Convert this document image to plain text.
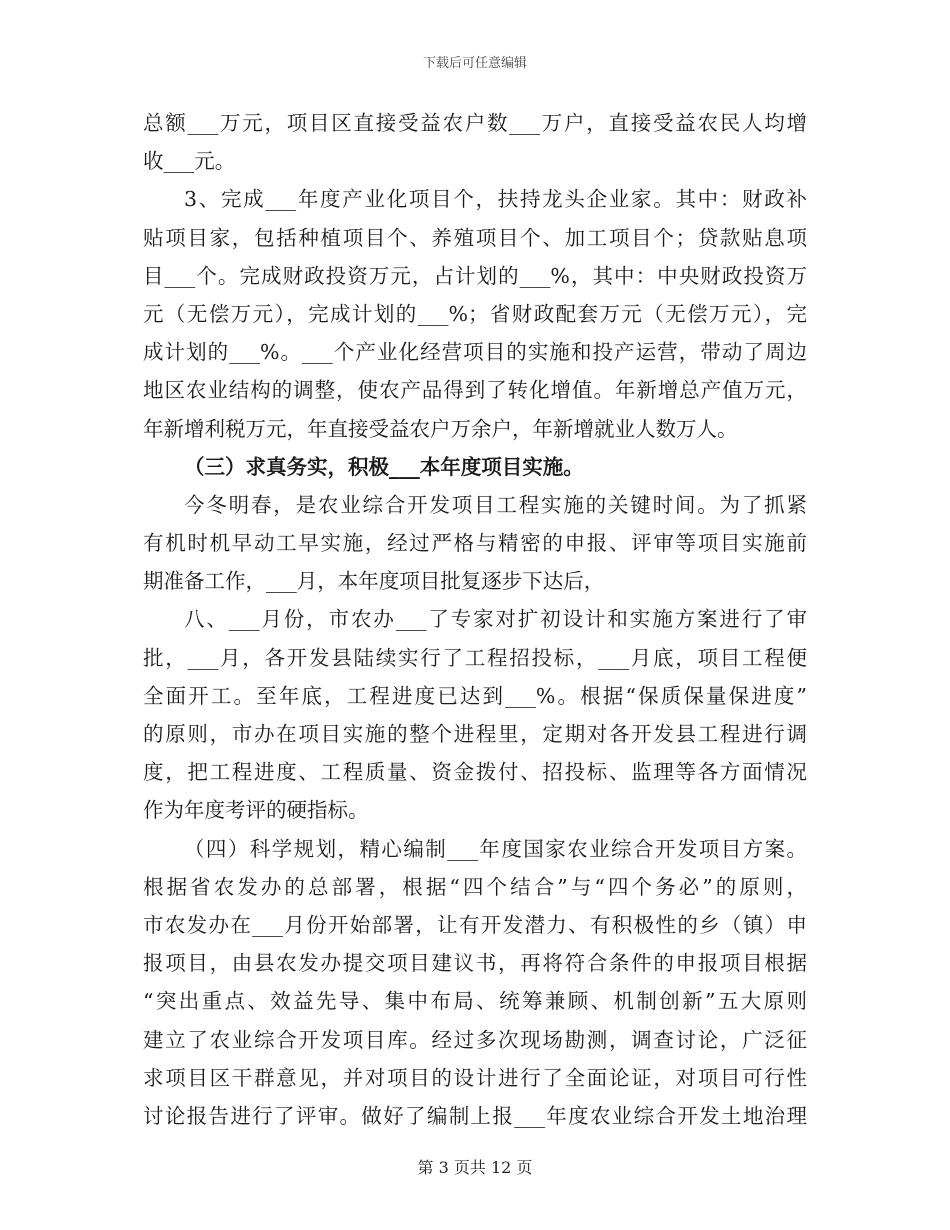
下载后可任意编辑
总额___万元，项目区直接受益农户数___万户，直接受益农民人均增
收___元。
3、完成___年度产业化项目个，扶持龙头企业家。其中：财政补
贴项目家，包括种植项目个、养殖项目个、加工项目个；贷款贴息项
目___个。完成财政投资万元，占计划的___%，其中：中央财政投资万
元（无偿万元），完成计划的___%；省财政配套万元（无偿万元），完
成计划的___%。___个产业化经营项目的实施和投产运营，带动了周边
地区农业结构的调整，使农产品得到了转化增值。年新增总产值万元，
年新增利税万元，年直接受益农户万余户，年新增就业人数万人。
（三）求真务实，积极___本年度项目实施。
今冬明春，是农业综合开发项目工程实施的关键时间。为了抓紧
有机时机早动工早实施，经过严格与精密的申报、评审等项目实施前
期准备工作，___月，本年度项目批复逐步下达后，
八、___月份，市农办___了专家对扩初设计和实施方案进行了审
批，___月，各开发县陆续实行了工程招投标，___月底，项目工程便
全面开工。至年底，工程进度已达到___%。根据“保质保量保进度”
的原则，市办在项目实施的整个进程里，定期对各开发县工程进行调
度，把工程进度、工程质量、资金拨付、招投标、监理等各方面情况
作为年度考评的硬指标。
（四）科学规划，精心编制___年度国家农业综合开发项目方案。
根据省农发办的总部署，根据“四个结合”与“四个务必”的原则，
市农发办在___月份开始部署，让有开发潜力、有积极性的乡（镇）申
报项目，由县农发办提交项目建议书，再将符合条件的申报项目根据
“突出重点、效益先导、集中布局、统筹兼顾、机制创新”五大原则
建立了农业综合开发项目库。经过多次现场勘测，调查讨论，广泛征
求项目区干群意见，并对项目的设计进行了全面论证，对项目可行性
讨论报告进行了评审。做好了编制上报___年度农业综合开发土地治理
第 3 页共 12 页
